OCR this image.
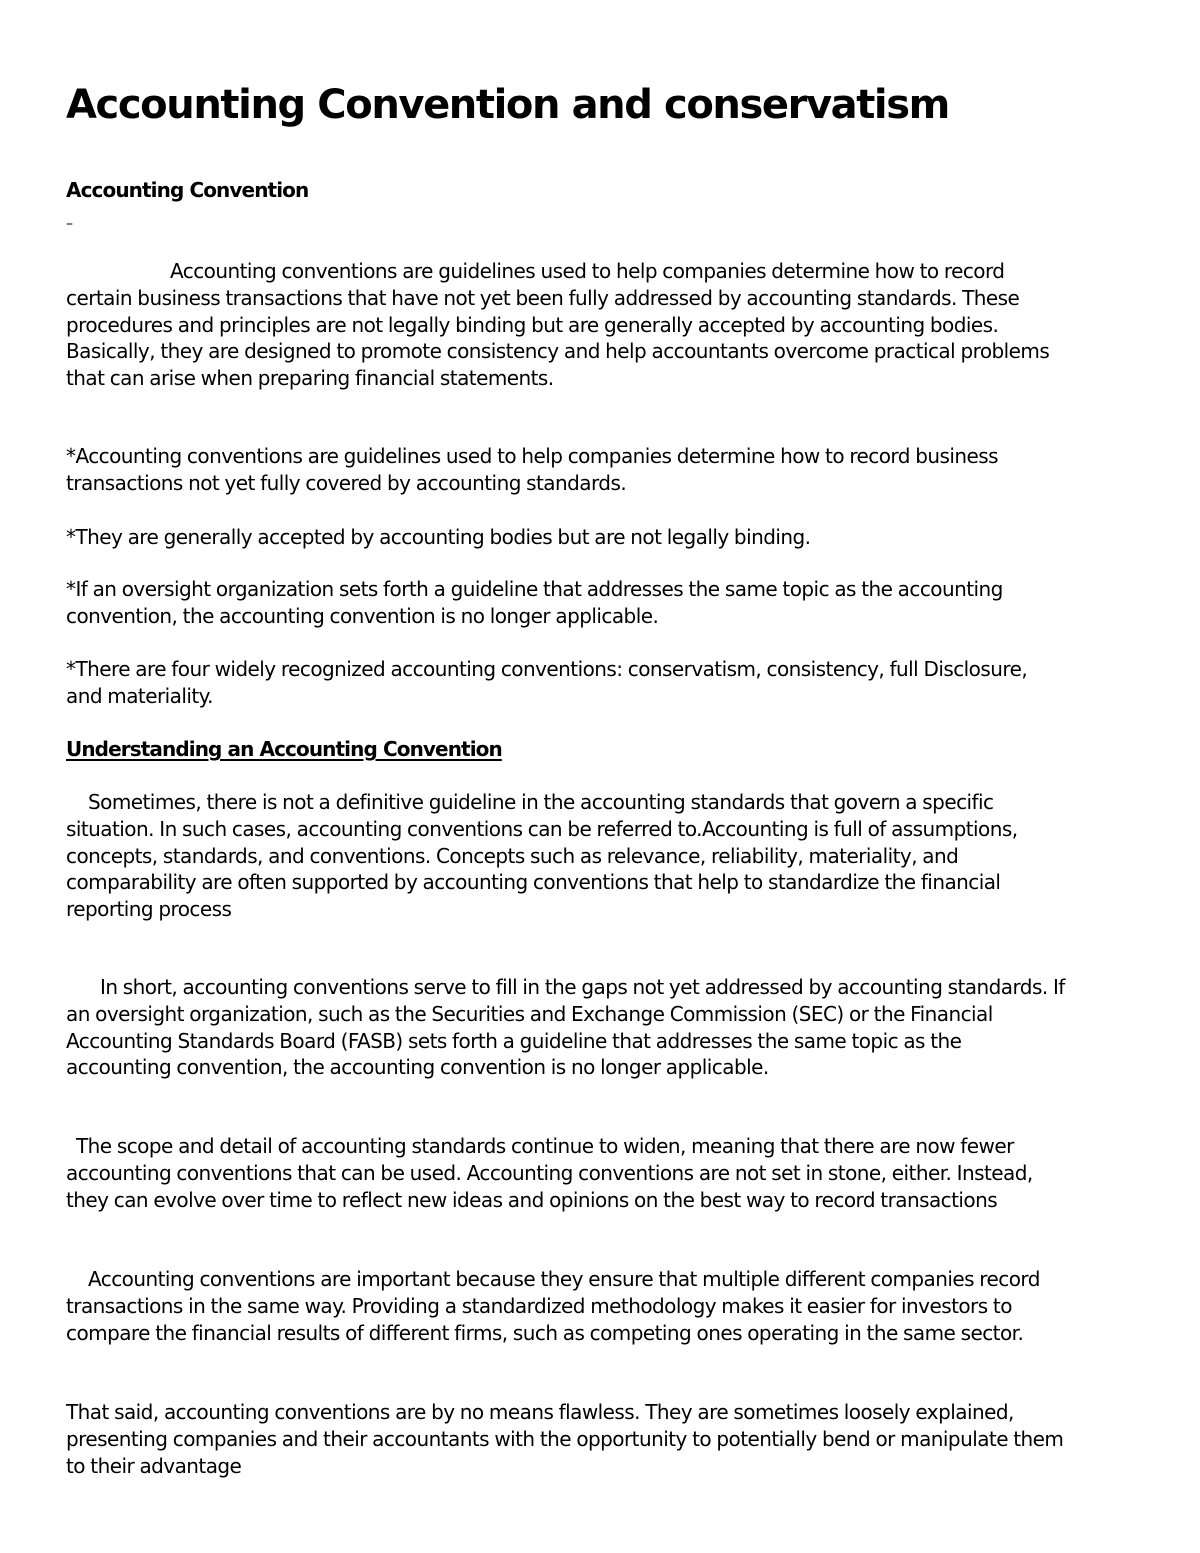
Accounting Convention and conservatism
Accounting Convention
–

Accounting conventions are guidelines used to help companies determine how to record certain business transactions that have not yet been fully addressed by accounting standards. These procedures and principles are not legally binding but are generally accepted by accounting bodies. Basically, they are designed to promote consistency and help accountants overcome practical problems that can arise when preparing financial statements.

*Accounting conventions are guidelines used to help companies determine how to record business transactions not yet fully covered by accounting standards.

*They are generally accepted by accounting bodies but are not legally binding.

*If an oversight organization sets forth a guideline that addresses the same topic as the accounting convention, the accounting convention is no longer applicable.

*There are four widely recognized accounting conventions: conservatism, consistency, full Disclosure, and materiality.

Understanding an Accounting Convention

Sometimes, there is not a definitive guideline in the accounting standards that govern a specific situation. In such cases, accounting conventions can be referred to.Accounting is full of assumptions, concepts, standards, and conventions. Concepts such as relevance, reliability, materiality, and comparability are often supported by accounting conventions that help to standardize the financial reporting process

In short, accounting conventions serve to fill in the gaps not yet addressed by accounting standards. If an oversight organization, such as the Securities and Exchange Commission (SEC) or the Financial Accounting Standards Board (FASB) sets forth a guideline that addresses the same topic as the accounting convention, the accounting convention is no longer applicable.

The scope and detail of accounting standards continue to widen, meaning that there are now fewer accounting conventions that can be used. Accounting conventions are not set in stone, either. Instead, they can evolve over time to reflect new ideas and opinions on the best way to record transactions

Accounting conventions are important because they ensure that multiple different companies record transactions in the same way. Providing a standardized methodology makes it easier for investors to compare the financial results of different firms, such as competing ones operating in the same sector.

That said, accounting conventions are by no means flawless. They are sometimes loosely explained, presenting companies and their accountants with the opportunity to potentially bend or manipulate them to their advantage
